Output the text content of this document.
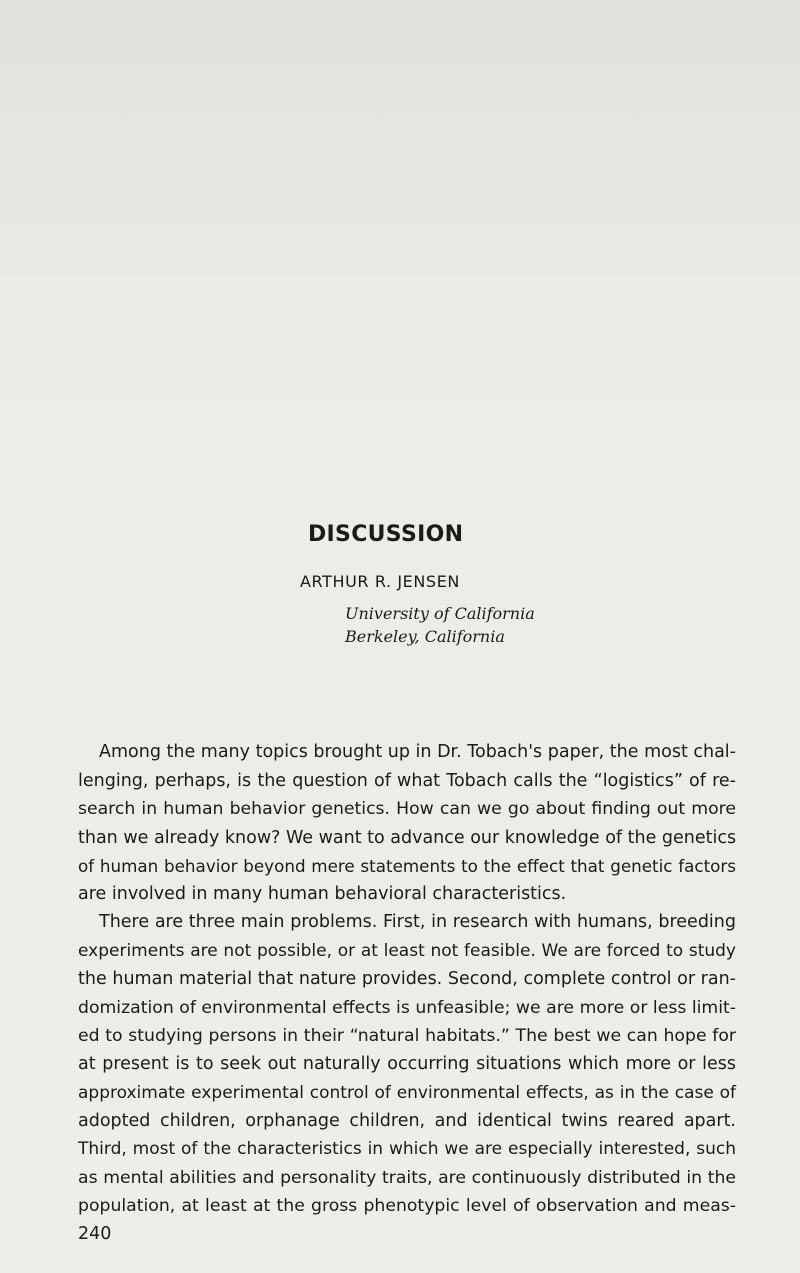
DISCUSSION

ARTHUR R. JENSEN

University of California

Berkeley, California

Among the many topics brought up in Dr. Tobach's paper, the most chal-

lenging, perhaps, is the question of what Tobach calls the “logistics” of re-

search in human behavior genetics. How can we go about finding out more

than we already know? We want to advance our knowledge of the genetics

of human behavior beyond mere statements to the effect that genetic factors

are involved in many human behavioral characteristics.

There are three main problems. First, in research with humans, breeding

experiments are not possible, or at least not feasible. We are forced to study

the human material that nature provides. Second, complete control or ran-

domization of environmental effects is unfeasible; we are more or less limit-

ed to studying persons in their “natural habitats.” The best we can hope for

at present is to seek out naturally occurring situations which more or less

approximate experimental control of environmental effects, as in the case of

adopted children, orphanage children, and identical twins reared apart.

Third, most of the characteristics in which we are especially interested, such

as mental abilities and personality traits, are continuously distributed in the

population, at least at the gross phenotypic level of observation and meas-

240
